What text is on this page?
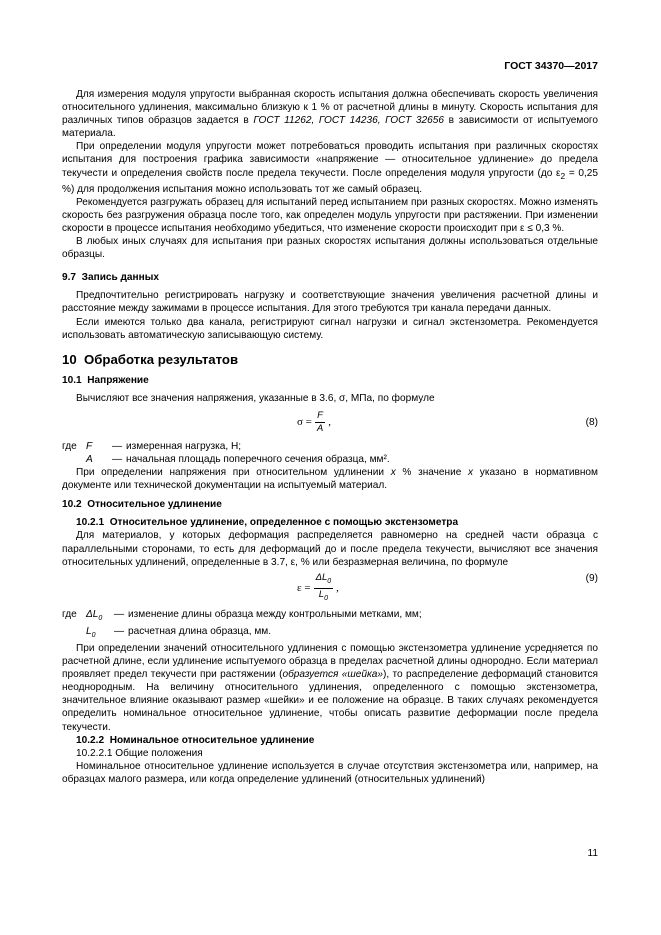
ГОСТ 34370—2017

Для измерения модуля упругости выбранная скорость испытания должна обеспечивать скорость увеличения относительного удлинения, максимально близкую к 1 % от расчетной длины в минуту. Скорость испытания для различных типов образцов задается в ГОСТ 11262, ГОСТ 14236, ГОСТ 32656 в зависимости от испытуемого материала.

При определении модуля упругости может потребоваться проводить испытания при различных скоростях испытания для построения графика зависимости «напряжение — относительное удлинение» до предела текучести и определения свойств после предела текучести. После определения модуля упругости (до $\varepsilon_2 = 0,25$ %) для продолжения испытания можно использовать тот же самый образец.

Рекомендуется разгружать образец для испытаний перед испытанием при разных скоростях. Можно изменять скорость без разгружения образца после того, как определен модуль упругости при растяжении. При изменении скорости в процессе испытания необходимо убедиться, что изменение скорости происходит при ε ≤ 0,3 %.

В любых иных случаях для испытания при разных скоростях испытания должны использоваться отдельные образцы.

9.7 Запись данных

Предпочтительно регистрировать нагрузку и соответствующие значения увеличения расчетной длины и расстояние между зажимами в процессе испытания. Для этого требуются три канала передачи данных.

Если имеются только два канала, регистрируют сигнал нагрузки и сигнал экстензометра. Рекомендуется использовать автоматическую записывающую систему.

10 Обработка результатов

10.1 Напряжение

Вычисляют все значения напряжения, указанные в 3.6, σ, МПа, по формуле

$\sigma = \frac{F}{A}$ ,	(8)
где F	— измеренная нагрузка, Н;
A	— начальная площадь поперечного сечения образца, мм².

При определении напряжения при относительном удлинении x % значение x указано в нормативном документе или технической документации на испытуемый материал.

10.2 Относительное удлинение

10.2.1 Относительное удлинение, определенное с помощью экстензометра

Для материалов, у которых деформация распределяется равномерно на средней части образца с параллельными сторонами, то есть для деформаций до и после предела текучести, вычисляют все значения относительных удлинений, определенные в 3.7, ε, % или безразмерная величина, по формуле

$\varepsilon = \frac{\Delta L_0}{L_0}$ ,
(9)
где $\Delta L_0$	— изменение длины образца между контрольными метками, мм;
$L_0$	— расчетная длина образца, мм.

При определении значений относительного удлинения с помощью экстензометра удлинение усредняется по расчетной длине, если удлинение испытуемого образца в пределах расчетной длины однородно. Если материал проявляет предел текучести при растяжении (образуется «шейка»), то распределение деформаций становится неоднородным. На величину относительного удлинения, определенного с помощью экстензометра, значительное влияние оказывают размер «шейки» и ее положение на образце. В таких случаях рекомендуется определить номинальное относительное удлинение, чтобы описать развитие деформации после предела текучести.

10.2.2 Номинальное относительное удлинение

10.2.2.1 Общие положения

Номинальное относительное удлинение используется в случае отсутствия экстензометра или, например, на образцах малого размера, или когда определение удлинений (относительных удлинений)

11
